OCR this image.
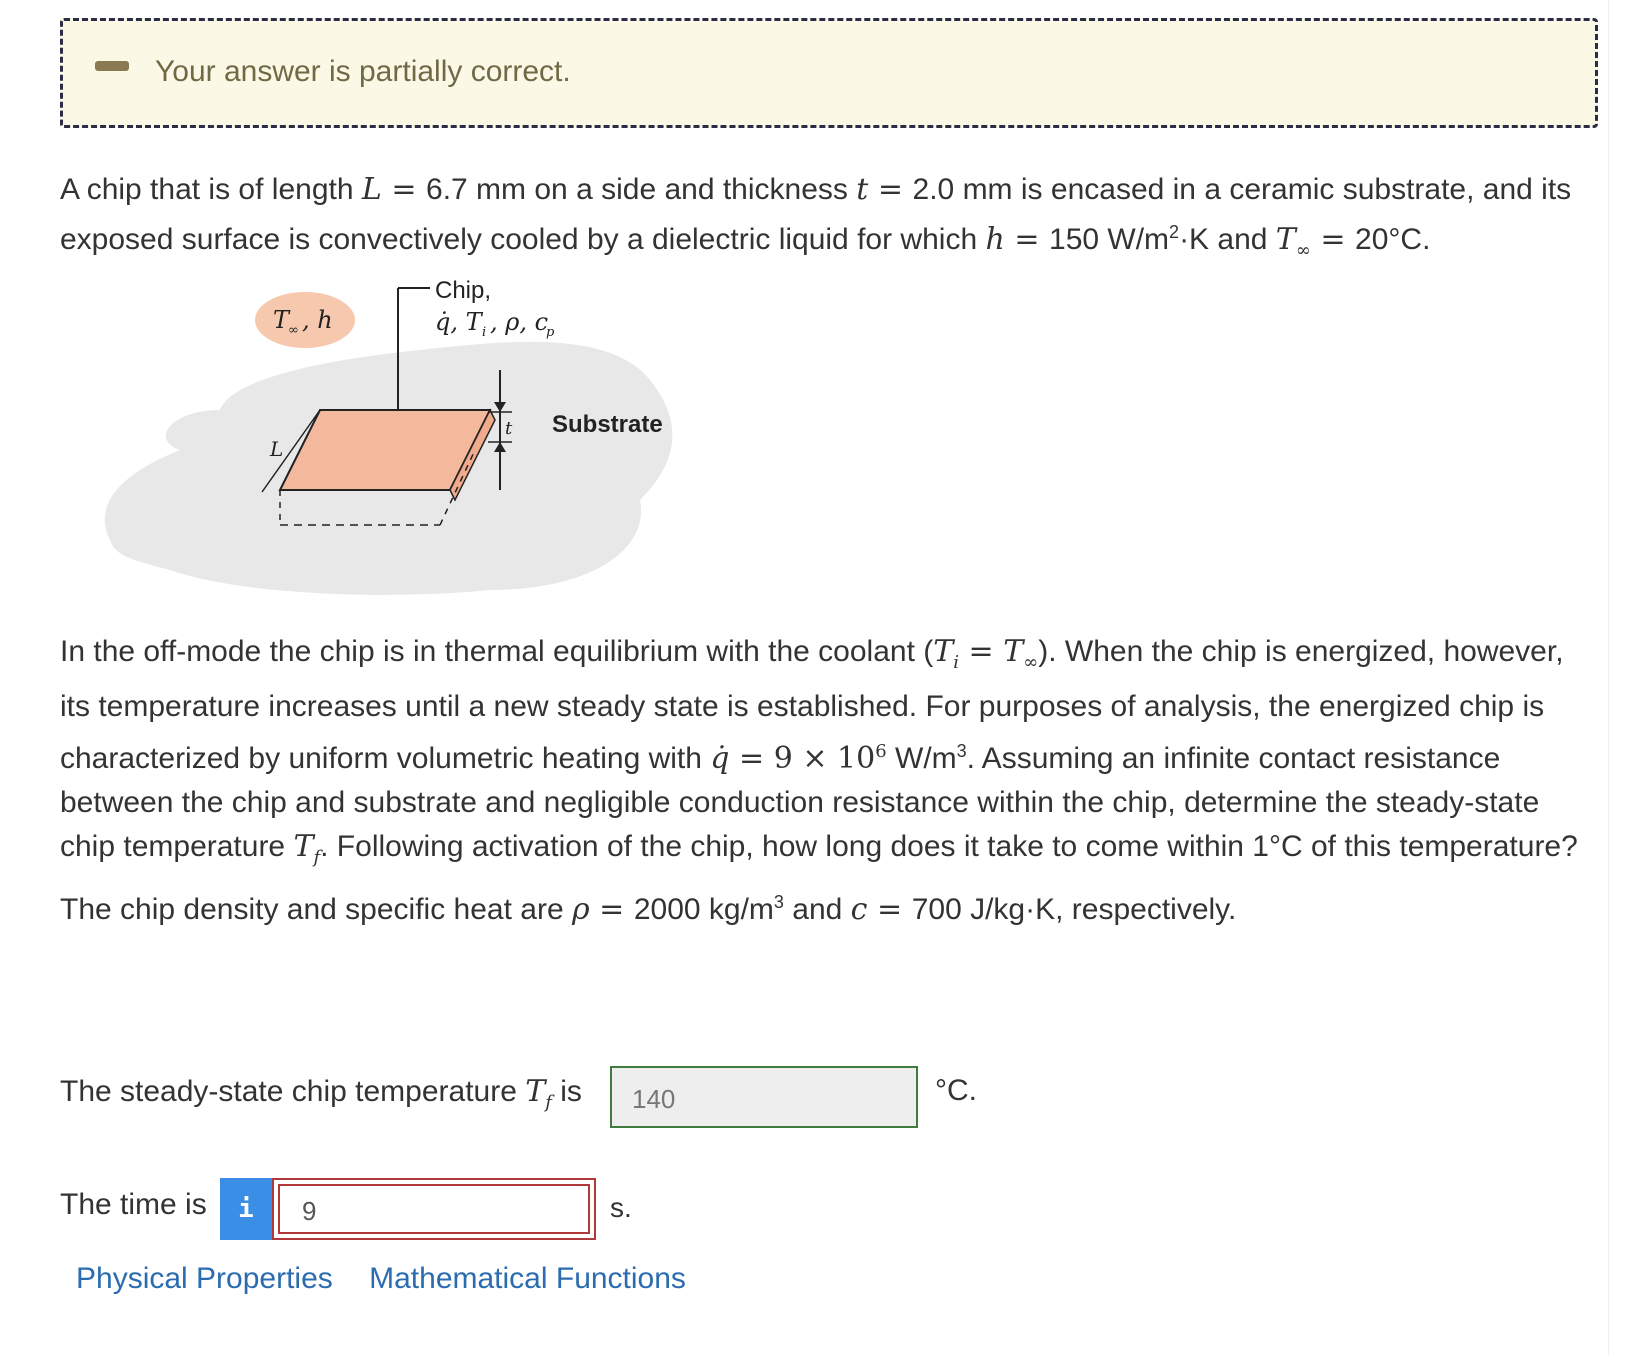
Your answer is partially correct.
A chip that is of length L = 6.7 mm on a side and thickness t = 2.0 mm is encased in a ceramic substrate, and its exposed surface is convectively cooled by a dielectric liquid for which h = 150 $W/m^2\cdot K$ and $T_\infty = 20^\circ C$.
T
∞ , h
Chip,
q̇, T i , ρ, c
p
t
L
Substrate
In the off-mode the chip is in thermal equilibrium with the coolant $(T_i = T_\infty)$. When the chip is energized, however, its temperature increases until a new steady state is established. For purposes of analysis, the energized chip is characterized by uniform volumetric heating with q̇ = $9 \times 10^6$ $W/m^3$. Assuming an infinite contact resistance between the chip and substrate and negligible conduction resistance within the chip, determine the steady-state chip temperature $T_f$. Following activation of the chip, how long does it take to come within 1°C of this temperature? The chip density and specific heat are ρ = 2000 $kg/m^3$ and c = 700 J/kg·K, respectively.
The steady-state chip temperature $T_f$ is	140	°C.
The time is	i	9	s.
Physical Properties Mathematical Functions
